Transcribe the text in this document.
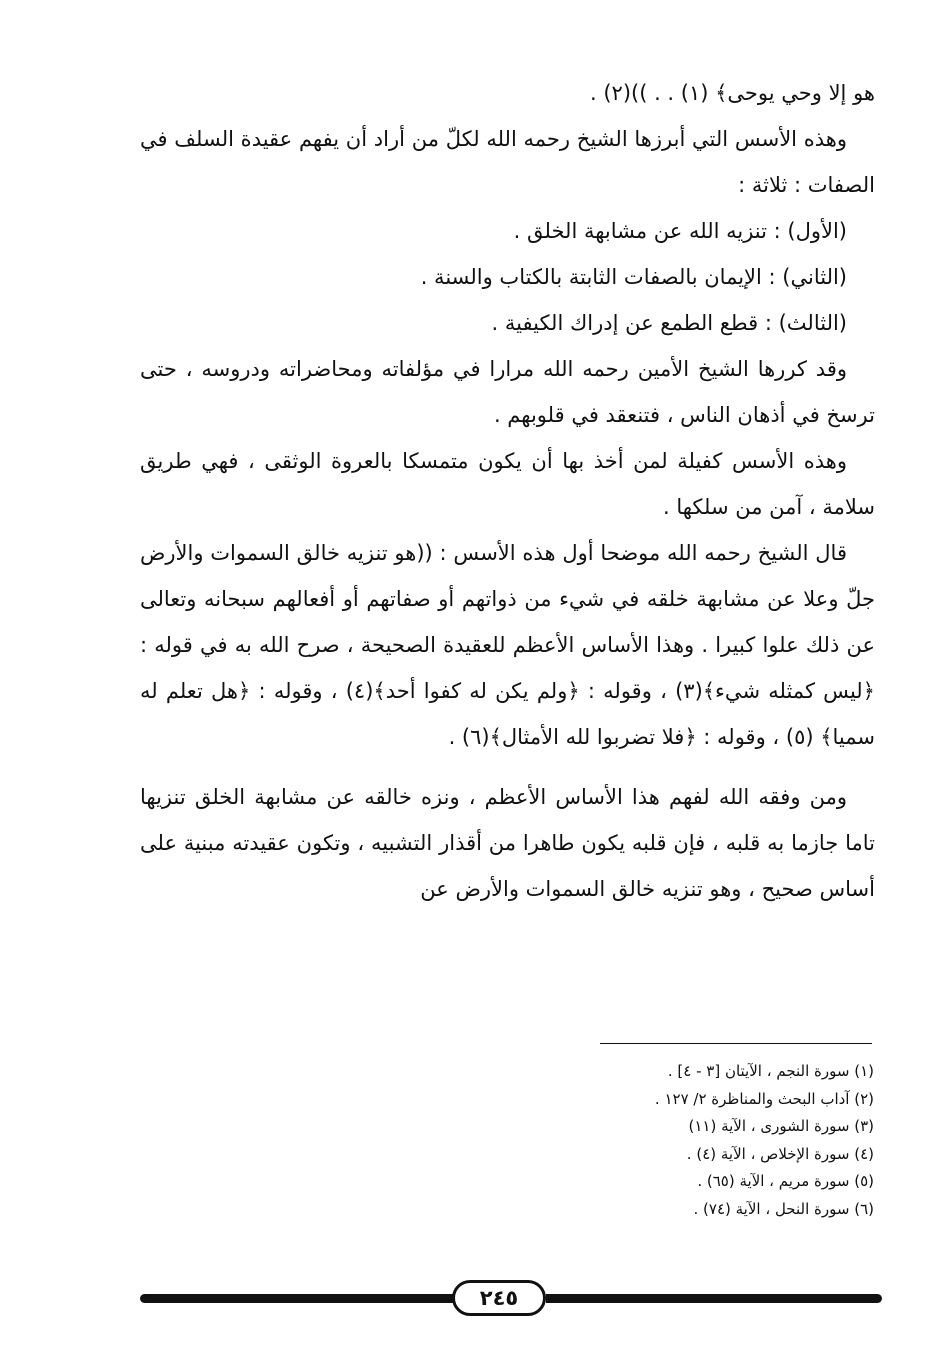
هو إلا وحي يوحى﴾ (١) . . ))(٢) .

وهذه الأسس التي أبرزها الشيخ رحمه الله لكلّ من أراد أن يفهم عقيدة السلف في الصفات : ثلاثة :

(الأول) : تنزيه الله عن مشابهة الخلق .

(الثاني) : الإيمان بالصفات الثابتة بالكتاب والسنة .

(الثالث) : قطع الطمع عن إدراك الكيفية .

وقد كررها الشيخ الأمين رحمه الله مرارا في مؤلفاته ومحاضراته ودروسه ، حتى ترسخ في أذهان الناس ، فتنعقد في قلوبهم .

وهذه الأسس كفيلة لمن أخذ بها أن يكون متمسكا بالعروة الوثقى ، فهي طريق سلامة ، آمن من سلكها .

قال الشيخ رحمه الله موضحا أول هذه الأسس : ((هو تنزيه خالق السموات والأرض جلّ وعلا عن مشابهة خلقه في شيء من ذواتهم أو صفاتهم أو أفعالهم سبحانه وتعالى عن ذلك علوا كبيرا . وهذا الأساس الأعظم للعقيدة الصحيحة ، صرح الله به في قوله : ﴿ليس كمثله شيء﴾(٣) ، وقوله : ﴿ولم يكن له كفوا أحد﴾(٤) ، وقوله : ﴿هل تعلم له سميا﴾ (٥) ، وقوله : ﴿فلا تضربوا لله الأمثال﴾(٦) .

ومن وفقه الله لفهم هذا الأساس الأعظم ، ونزه خالقه عن مشابهة الخلق تنزيها تاما جازما به قلبه ، فإن قلبه يكون طاهرا من أقذار التشبيه ، وتكون عقيدته مبنية على أساس صحيح ، وهو تنزيه خالق السموات والأرض عن

(١) سورة النجم ، الآيتان [٣ - ٤] .
(٢) آداب البحث والمناظرة ٢/ ١٢٧ .
(٣) سورة الشورى ، الآية (١١)
(٤) سورة الإخلاص ، الآية (٤) .
(٥) سورة مريم ، الآية (٦٥) .
(٦) سورة النحل ، الآية (٧٤) .
٢٤٥
